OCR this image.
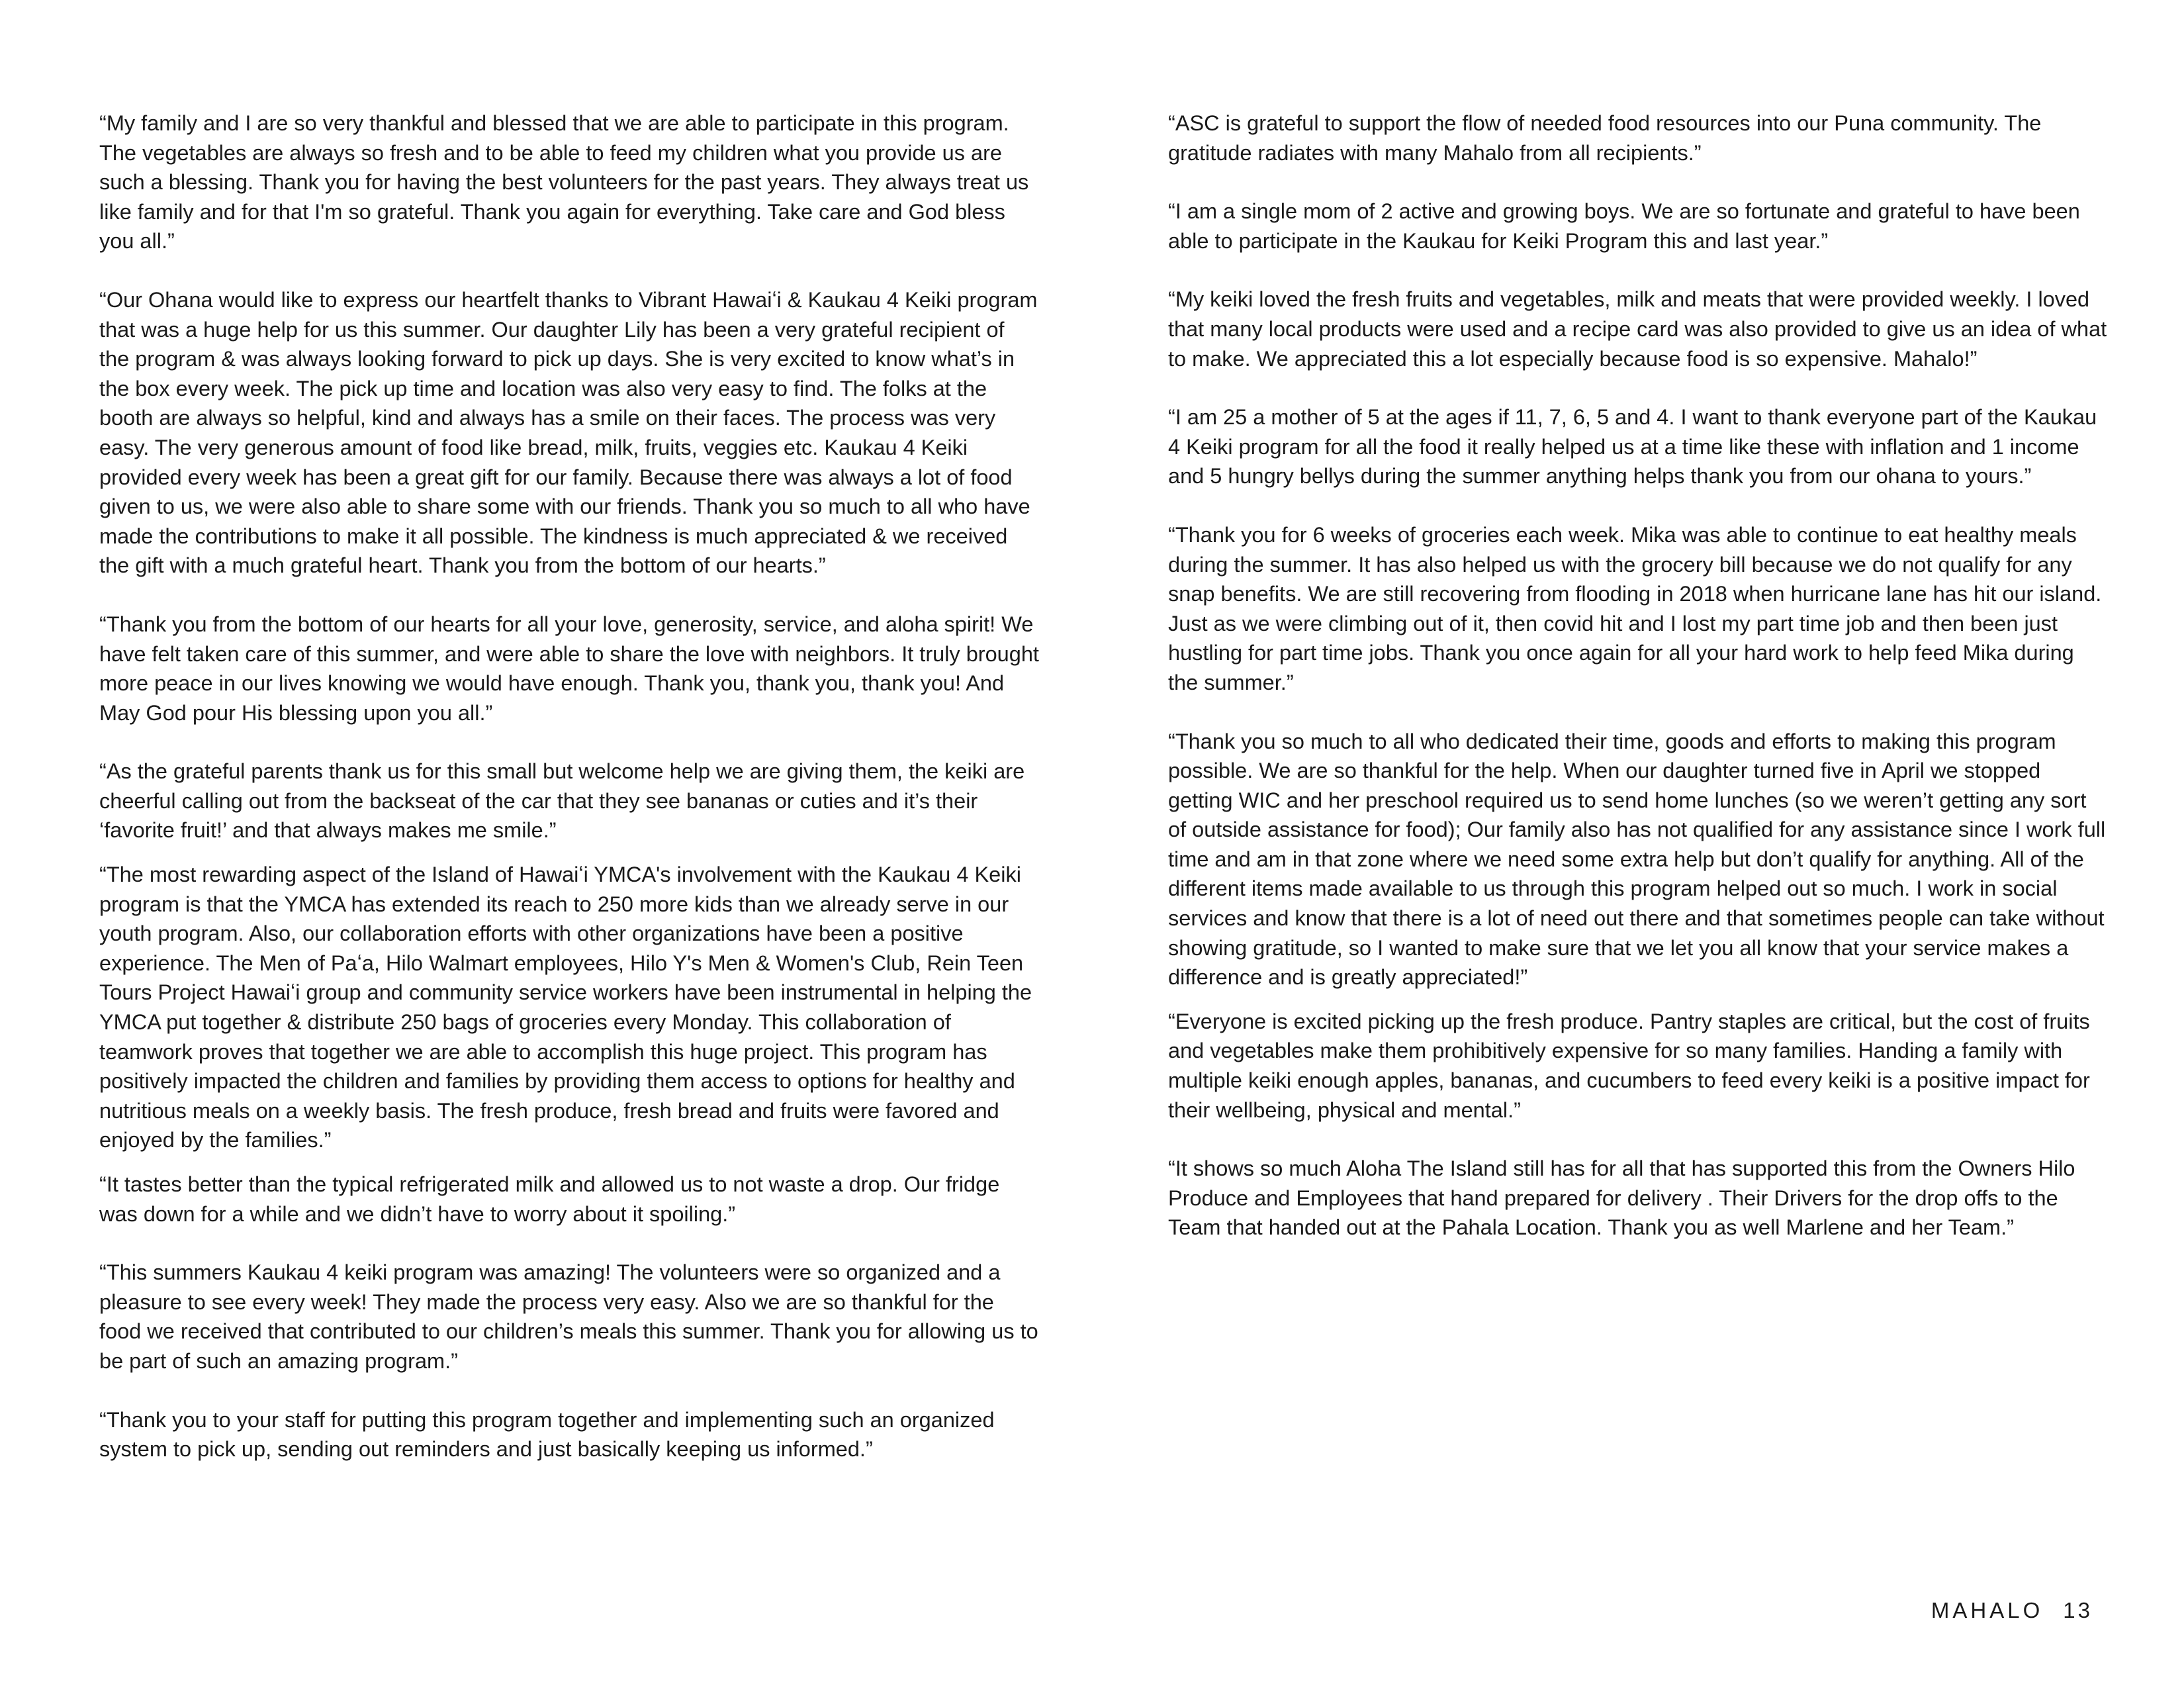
“My family and I are so very thankful and blessed that we are able to participate in this program. The vegetables are always so fresh and to be able to feed my children what you provide us are such a blessing. Thank you for having the best volunteers for the past years. They always treat us like family and for that I'm so grateful. Thank you again for everything. Take care and God bless you all.”

“Our Ohana would like to express our heartfelt thanks to Vibrant Hawaiʻi & Kaukau 4 Keiki program that was a huge help for us this summer. Our daughter Lily has been a very grateful recipient of the program & was always looking forward to pick up days. She is very excited to know what’s in the box every week. The pick up time and location was also very easy to find. The folks at the booth are always so helpful, kind and always has a smile on their faces. The process was very easy. The very generous amount of food like bread, milk, fruits, veggies etc. Kaukau 4 Keiki provided every week has been a great gift for our family. Because there was always a lot of food given to us, we were also able to share some with our friends. Thank you so much to all who have made the contributions to make it all possible. The kindness is much appreciated & we received the gift with a much grateful heart. Thank you from the bottom of our hearts.”

“Thank you from the bottom of our hearts for all your love, generosity, service, and aloha spirit! We have felt taken care of this summer, and were able to share the love with neighbors. It truly brought more peace in our lives knowing we would have enough. Thank you, thank you, thank you! And May God pour His blessing upon you all.”

“As the grateful parents thank us for this small but welcome help we are giving them, the keiki are cheerful calling out from the backseat of the car that they see bananas or cuties and it’s their ‘favorite fruit!’ and that always makes me smile.”

“The most rewarding aspect of the Island of Hawaiʻi YMCA's involvement with the Kaukau 4 Keiki program is that the YMCA has extended its reach to 250 more kids than we already serve in our youth program. Also, our collaboration efforts with other organizations have been a positive experience. The Men of Paʻa, Hilo Walmart employees, Hilo Y's Men & Women's Club, Rein Teen Tours Project Hawaiʻi group and community service workers have been instrumental in helping the YMCA put together & distribute 250 bags of groceries every Monday. This collaboration of teamwork proves that together we are able to accomplish this huge project. This program has positively impacted the children and families by providing them access to options for healthy and nutritious meals on a weekly basis. The fresh produce, fresh bread and fruits were favored and enjoyed by the families.”

“It tastes better than the typical refrigerated milk and allowed us to not waste a drop. Our fridge was down for a while and we didn’t have to worry about it spoiling.”

“This summers Kaukau 4 keiki program was amazing! The volunteers were so organized and a pleasure to see every week! They made the process very easy. Also we are so thankful for the food we received that contributed to our children’s meals this summer. Thank you for allowing us to be part of such an amazing program.”

“Thank you to your staff for putting this program together and implementing such an organized system to pick up, sending out reminders and just basically keeping us informed.”

“ASC is grateful to support the flow of needed food resources into our Puna community. The gratitude radiates with many Mahalo from all recipients.”

“I am a single mom of 2 active and growing boys. We are so fortunate and grateful to have been able to participate in the Kaukau for Keiki Program this and last year.”

“My keiki loved the fresh fruits and vegetables, milk and meats that were provided weekly. I loved that many local products were used and a recipe card was also provided to give us an idea of what to make. We appreciated this a lot especially because food is so expensive. Mahalo!”

“I am 25 a mother of 5 at the ages if 11, 7, 6, 5 and 4. I want to thank everyone part of the Kaukau 4 Keiki program for all the food it really helped us at a time like these with inflation and 1 income and 5 hungry bellys during the summer anything helps thank you from our ohana to yours.”

“Thank you for 6 weeks of groceries each week. Mika was able to continue to eat healthy meals during the summer. It has also helped us with the grocery bill because we do not qualify for any snap benefits. We are still recovering from flooding in 2018 when hurricane lane has hit our island. Just as we were climbing out of it, then covid hit and I lost my part time job and then been just hustling for part time jobs. Thank you once again for all your hard work to help feed Mika during the summer.”

“Thank you so much to all who dedicated their time, goods and efforts to making this program possible. We are so thankful for the help. When our daughter turned five in April we stopped getting WIC and her preschool required us to send home lunches (so we weren’t getting any sort of outside assistance for food); Our family also has not qualified for any assistance since I work full time and am in that zone where we need some extra help but don’t qualify for anything. All of the different items made available to us through this program helped out so much. I work in social services and know that there is a lot of need out there and that sometimes people can take without showing gratitude, so I wanted to make sure that we let you all know that your service makes a difference and is greatly appreciated!”

“Everyone is excited picking up the fresh produce. Pantry staples are critical, but the cost of fruits and vegetables make them prohibitively expensive for so many families. Handing a family with multiple keiki enough apples, bananas, and cucumbers to feed every keiki is a positive impact for their wellbeing, physical and mental.”

“It shows so much Aloha The Island still has for all that has supported this from the Owners Hilo Produce and Employees that hand prepared for delivery . Their Drivers for the drop offs to the Team that handed out at the Pahala Location. Thank you as well Marlene and her Team.”

MAHALO 13
